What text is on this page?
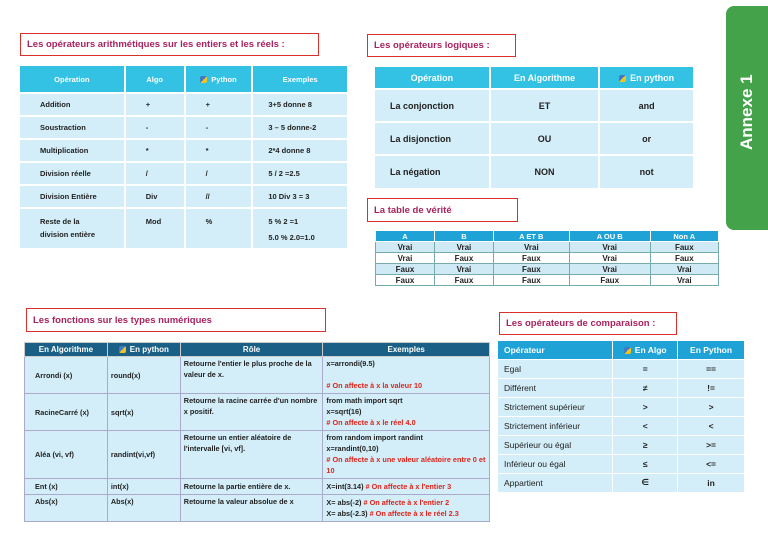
Annexe 1
Les opérateurs arithmétiques sur les entiers et les réels :
Opération	Algo	Python	Exemples
Addition	+	+	3+5 donne 8
Soustraction	-	-	3 – 5 donne-2
Multiplication	*	*	2*4 donne 8
Division réelle	/	/	5 / 2 =2.5
Division Entière	Div	//	10 Div 3 = 3
Reste de la
division entière	Mod	%	5 % 2 =1
5.0 % 2.0=1.0
Les opérateurs logiques :
Opération	En Algorithme	En python
La conjonction	ET	and
La disjonction	OU	or
La négation	NON	not
La table de vérité
A	B	A ET B	A OU B	Non A
Vrai	Vrai	Vrai	Vrai	Faux
Vrai	Faux	Faux	Vrai	Faux
Faux	Vrai	Faux	Vrai	Vrai
Faux	Faux	Faux	Faux	Vrai
Les fonctions sur les types numériques
En Algorithme	En python	Rôle	Exemples
Arrondi (x)	round(x)	Retourne l'entier le plus proche de la valeur de x.	x=arrondi(9.5)

# On affecte à x la valeur 10
RacineCarré (x)	sqrt(x)	Retourne la racine carrée d'un nombre x positif.	from math import sqrt
x=sqrt(16)
# On affecte à x le réel 4.0
Aléa (vi, vf)	randint(vi,vf)	Retourne un entier aléatoire de l'intervalle [vi, vf].	from random import randint
x=randint(0,10)
# On affecte à x une valeur aléatoire entre 0 et 10
Ent (x)	int(x)	Retourne la partie entière de x.	X=int(3.14) # On affecte à x l'entier 3
Abs(x)	Abs(x)	Retourne la valeur absolue de x	X= abs(-2) # On affecte à x l'entier 2
X= abs(-2.3) # On affecte à x le réel 2.3
Les opérateurs de comparaison :
Opérateur	En Algo	En Python
Egal	=	==
Différent	≠	!=
Strictement supérieur	>	>
Strictement inférieur	<	<
Supérieur ou égal	≥	>=
Inférieur ou égal	≤	<=
Appartient	∈	in
